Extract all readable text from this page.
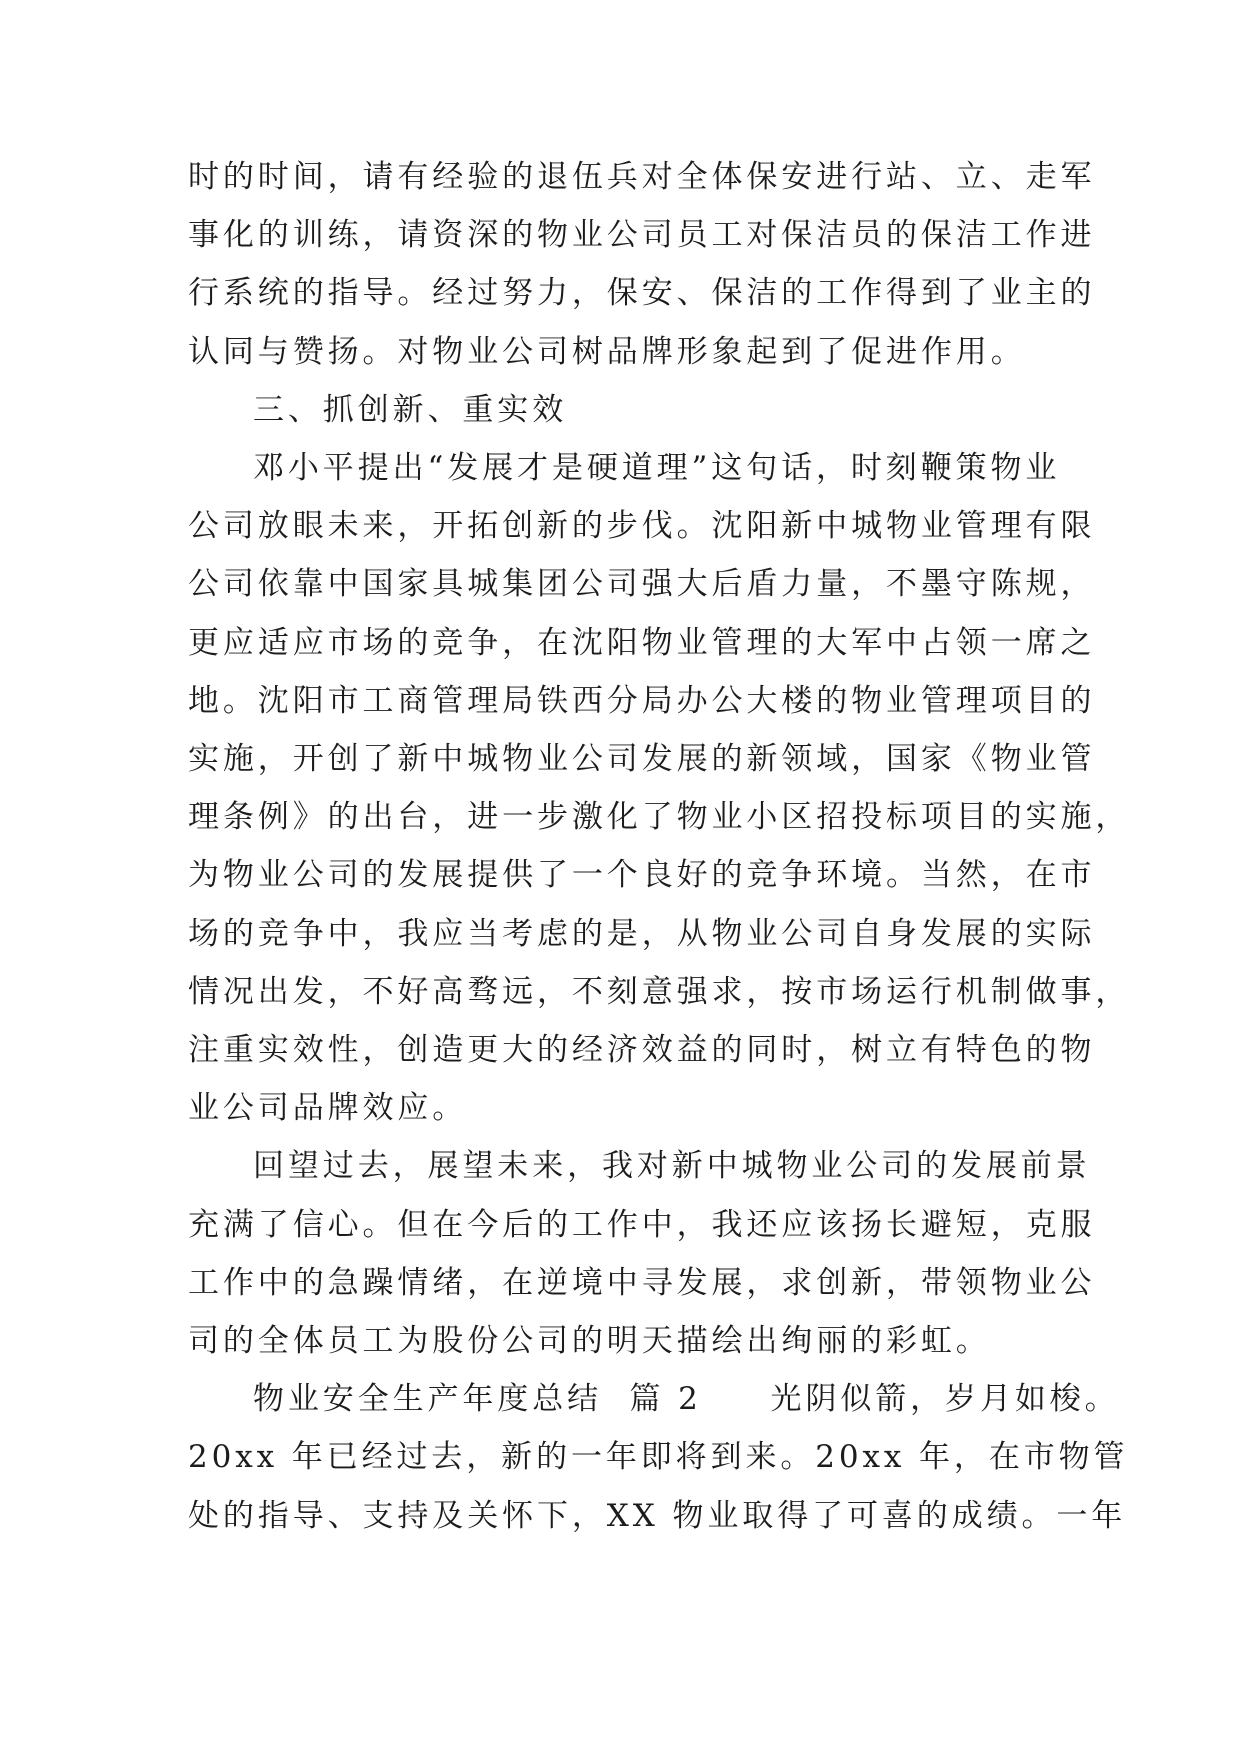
时的时间，请有经验的退伍兵对全体保安进行站、立、走军
事化的训练，请资深的物业公司员工对保洁员的保洁工作进
行系统的指导。经过努力，保安、保洁的工作得到了业主的
认同与赞扬。对物业公司树品牌形象起到了促进作用。

三、抓创新、重实效

邓小平提出“发展才是硬道理”这句话，时刻鞭策物业
公司放眼未来，开拓创新的步伐。沈阳新中城物业管理有限
公司依靠中国家具城集团公司强大后盾力量，不墨守陈规，
更应适应市场的竞争，在沈阳物业管理的大军中占领一席之
地。沈阳市工商管理局铁西分局办公大楼的物业管理项目的
实施，开创了新中城物业公司发展的新领域，国家《物业管
理条例》的出台，进一步激化了物业小区招投标项目的实施，
为物业公司的发展提供了一个良好的竞争环境。当然，在市
场的竞争中，我应当考虑的是，从物业公司自身发展的实际
情况出发，不好高骛远，不刻意强求，按市场运行机制做事，
注重实效性，创造更大的经济效益的同时，树立有特色的物
业公司品牌效应。

回望过去，展望未来，我对新中城物业公司的发展前景
充满了信心。但在今后的工作中，我还应该扬长避短，克服
工作中的急躁情绪，在逆境中寻发展，求创新，带领物业公
司的全体员工为股份公司的明天描绘出绚丽的彩虹。

物业安全生产年度总结  篇 2     光阴似箭，岁月如梭。
20xx 年已经过去，新的一年即将到来。20xx 年，在市物管
处的指导、支持及关怀下，XX 物业取得了可喜的成绩。一年
